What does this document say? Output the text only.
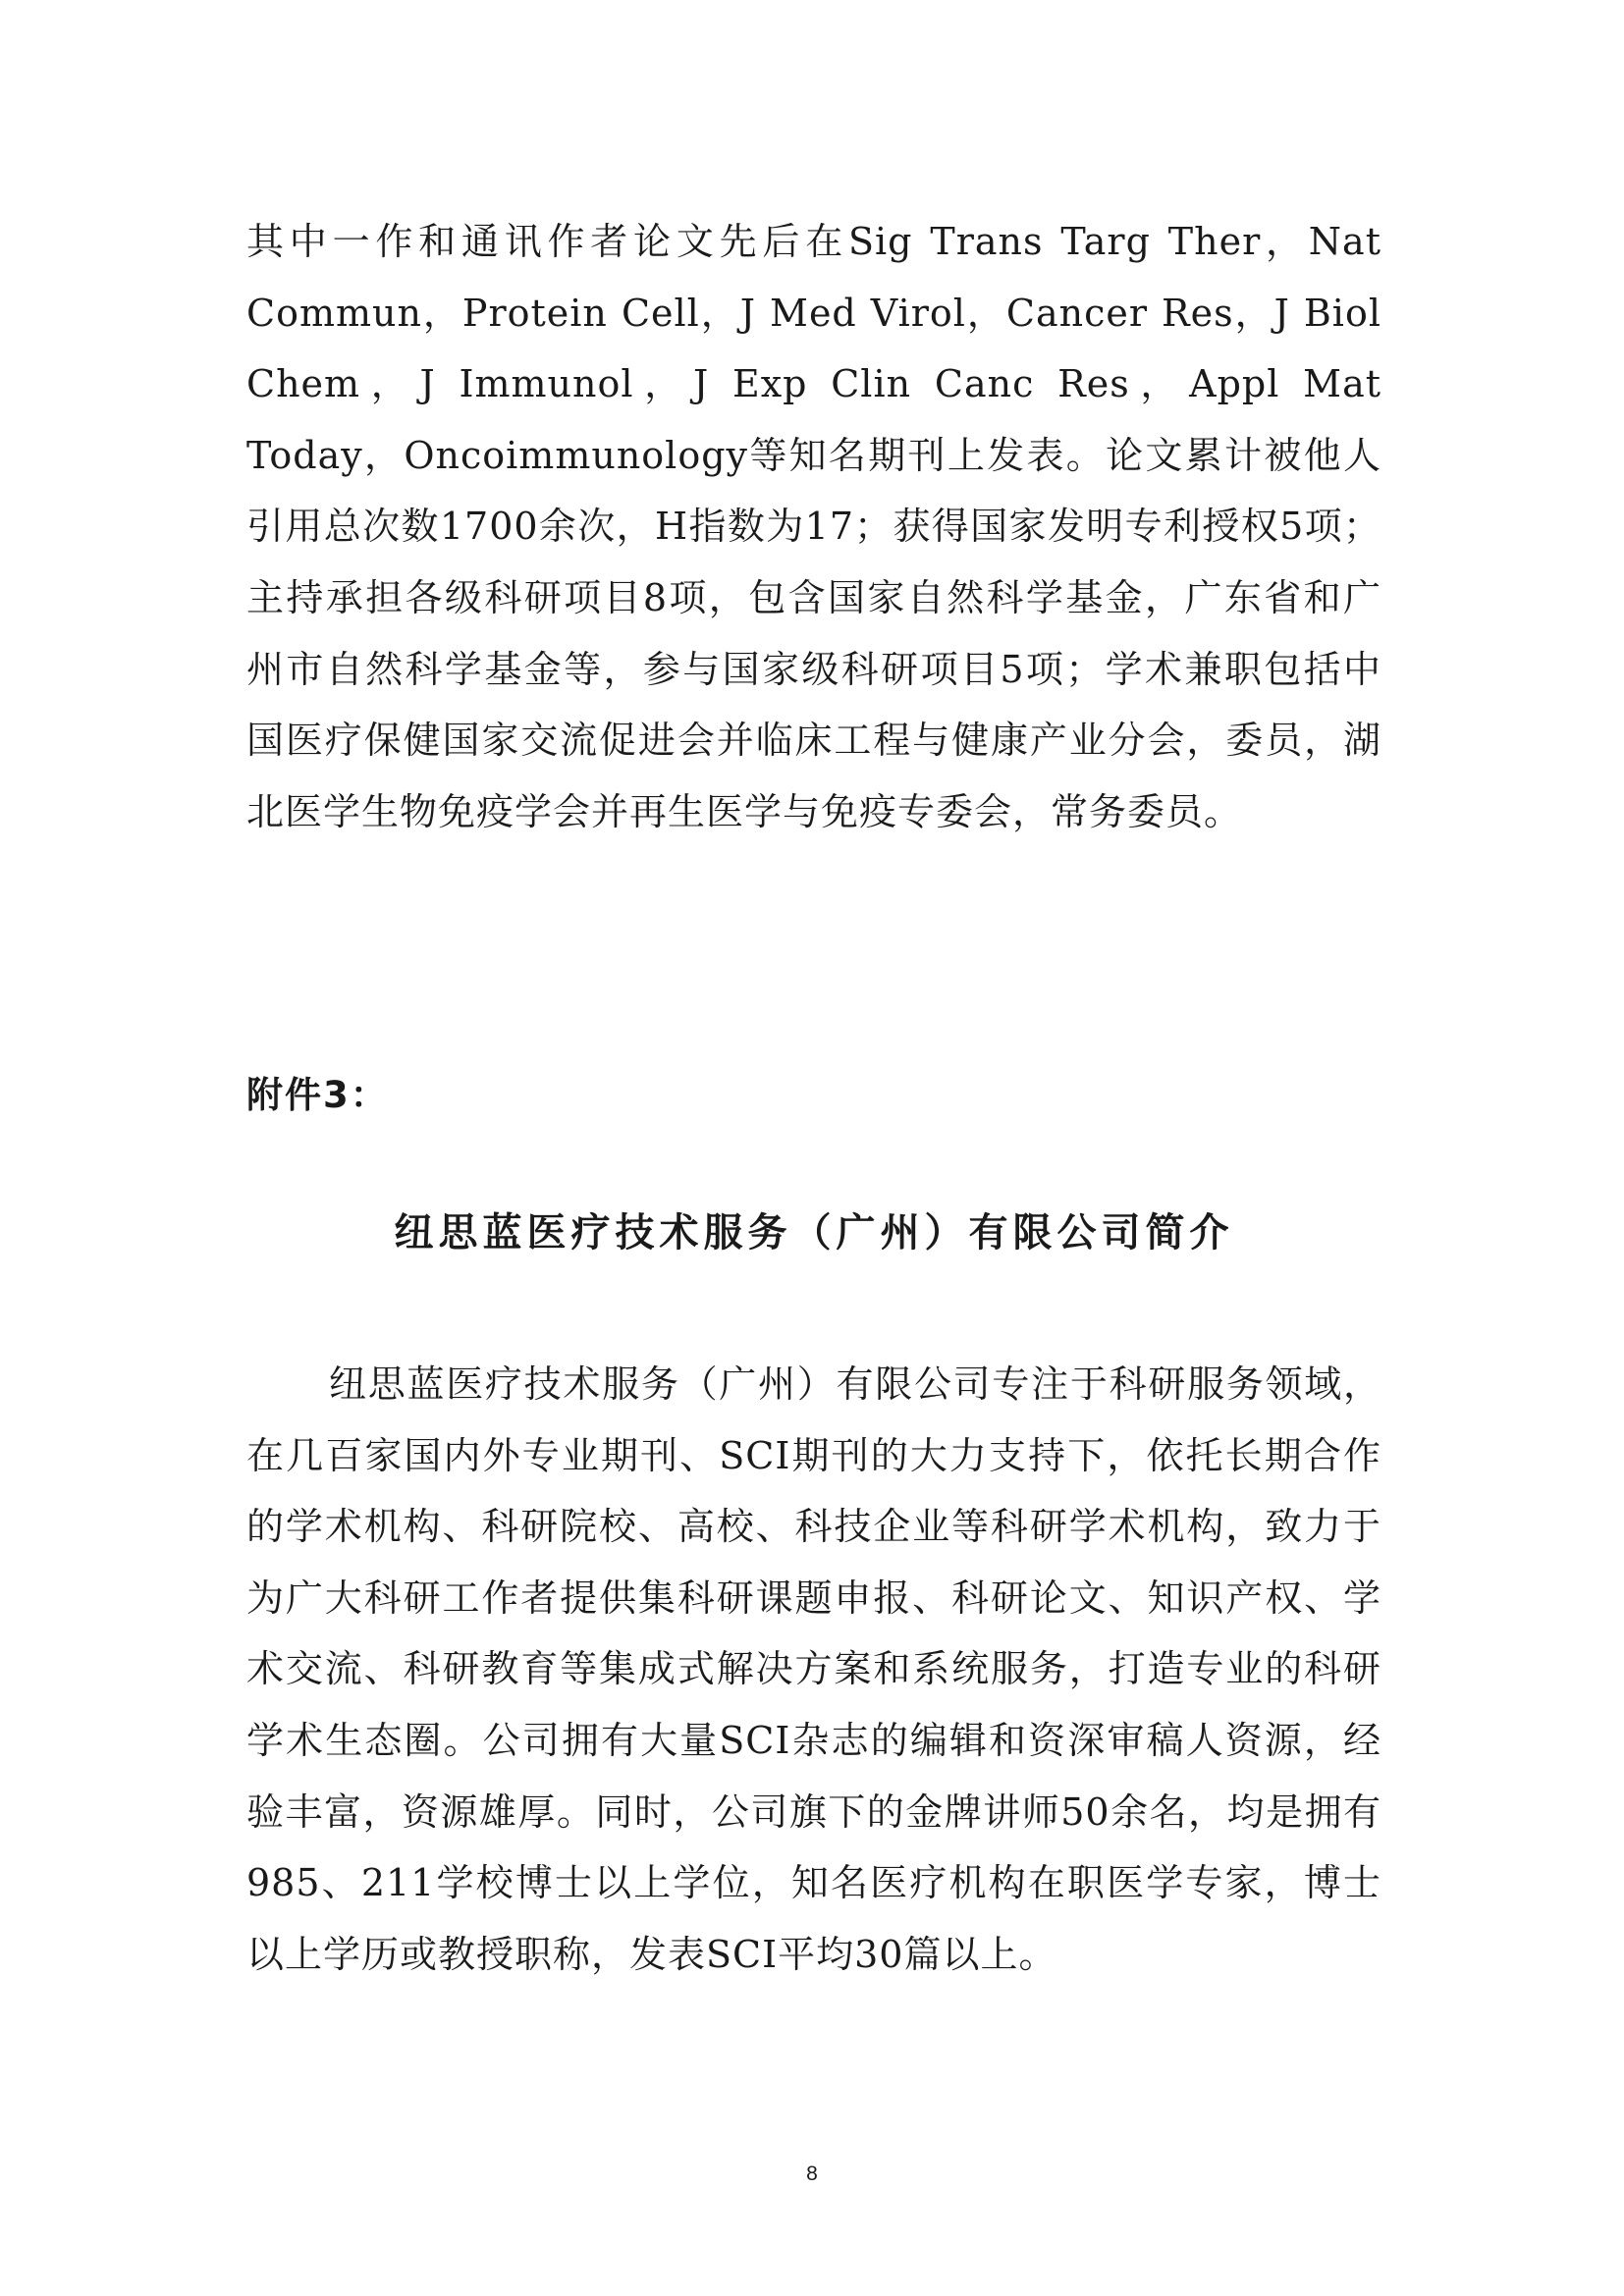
其中一作和通讯作者论文先后在Sig Trans Targ Ther，Nat Commun，Protein Cell，J Med Virol，Cancer Res，J Biol Chem，J Immunol，J Exp Clin Canc Res，Appl Mat Today，Oncoimmunology等知名期刊上发表。论文累计被他人引用总次数1700余次，H指数为17；获得国家发明专利授权5项；主持承担各级科研项目8项，包含国家自然科学基金，广东省和广州市自然科学基金等，参与国家级科研项目5项；学术兼职包括中国医疗保健国家交流促进会并临床工程与健康产业分会，委员，湖北医学生物免疫学会并再生医学与免疫专委会，常务委员。

附件3：
纽思蓝医疗技术服务（广州）有限公司简介

纽思蓝医疗技术服务（广州）有限公司专注于科研服务领域，在几百家国内外专业期刊、SCI期刊的大力支持下，依托长期合作的学术机构、科研院校、高校、科技企业等科研学术机构，致力于为广大科研工作者提供集科研课题申报、科研论文、知识产权、学术交流、科研教育等集成式解决方案和系统服务，打造专业的科研学术生态圈。公司拥有大量SCI杂志的编辑和资深审稿人资源，经验丰富，资源雄厚。同时，公司旗下的金牌讲师50余名，均是拥有985、211学校博士以上学位，知名医疗机构在职医学专家，博士以上学历或教授职称，发表SCI平均30篇以上。

8
